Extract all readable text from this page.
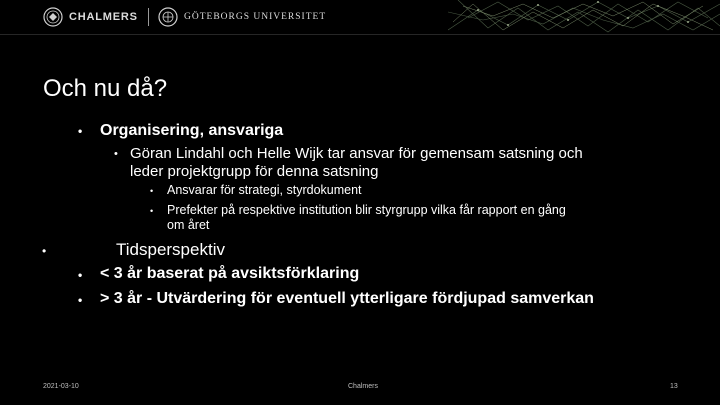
CHALMERS	GÖTEBORGS UNIVERSITET
Och nu då?
• Organisering, ansvariga
• Göran Lindahl och Helle Wijk tar ansvar för gemensam satsning och
leder projektgrupp för denna satsning
• Ansvarar för strategi, styrdokument
• Prefekter på respektive institution blir styrgrupp vilka får rapport en gång
om året
•	Tidsperspektiv
• < 3 år baserat på avsiktsförklaring
• > 3 år - Utvärdering för eventuell ytterligare fördjupad samverkan
2021-03-10	Chalmers	13
